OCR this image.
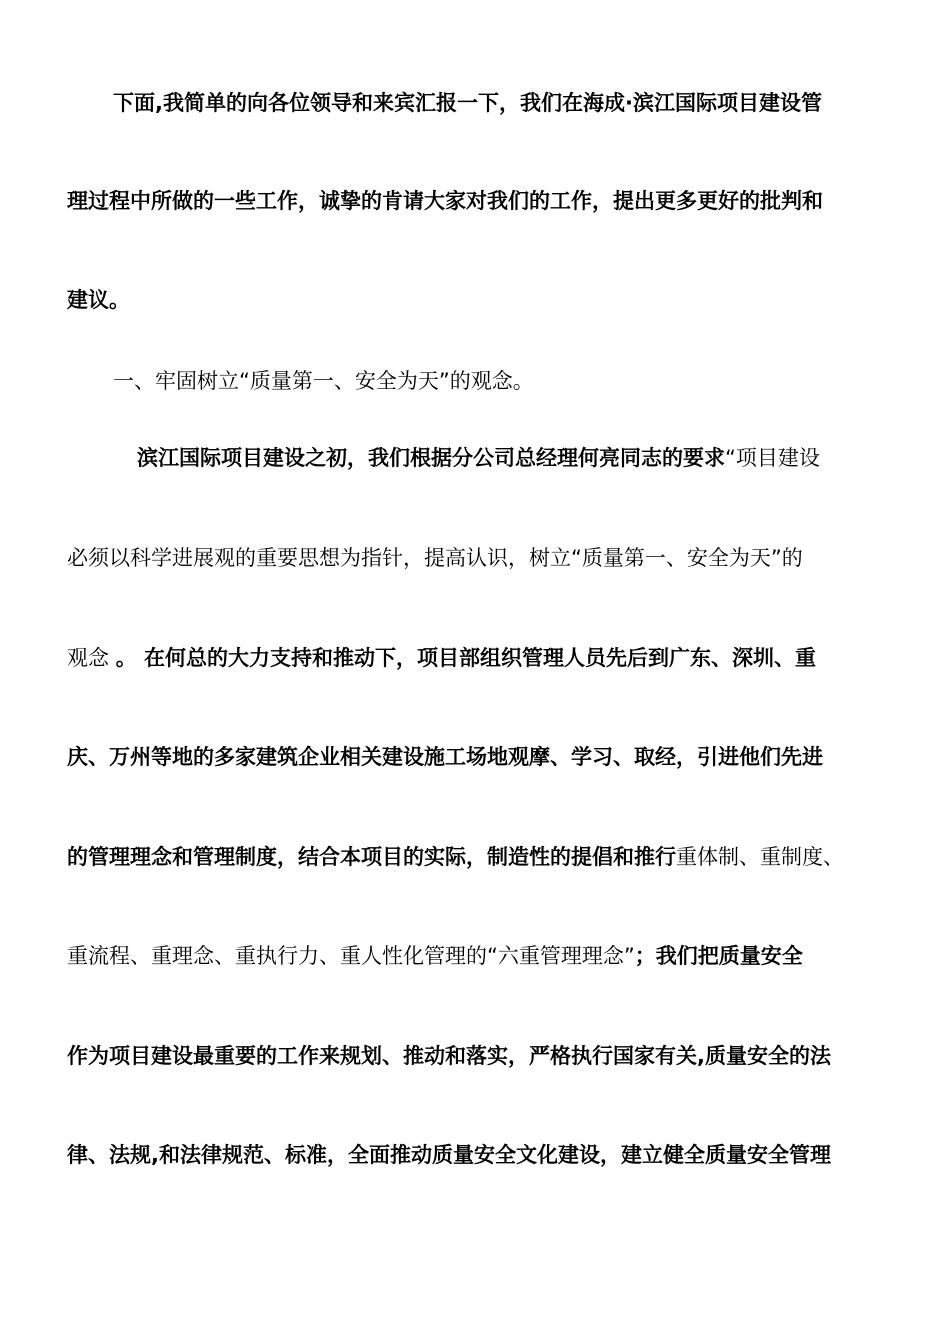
下面,我简单的向各位领导和来宾汇报一下，我们在海成·滨江国际项目建设管
理过程中所做的一些工作，诚挚的肯请大家对我们的工作，提出更多更好的批判和
建议。
一、牢固树立“质量第一、安全为天”的观念。
滨江国际项目建设之初，我们根据分公司总经理何亮同志的要求“项目建设
必须以科学进展观的重要思想为指针，提高认识，树立“质量第一、安全为天”的
观念 。 在何总的大力支持和推动下，项目部组织管理人员先后到广东、深圳、重
庆、万州等地的多家建筑企业相关建设施工场地观摩、学习、取经，引进他们先进
的管理理念和管理制度，结合本项目的实际，制造性的提倡和推行重体制、重制度、
重流程、重理念、重执行力、重人性化管理的“六重管理理念”；我们把质量安全
作为项目建设最重要的工作来规划、推动和落实，严格执行国家有关,质量安全的法
律、法规,和法律规范、标准，全面推动质量安全文化建设，建立健全质量安全管理
